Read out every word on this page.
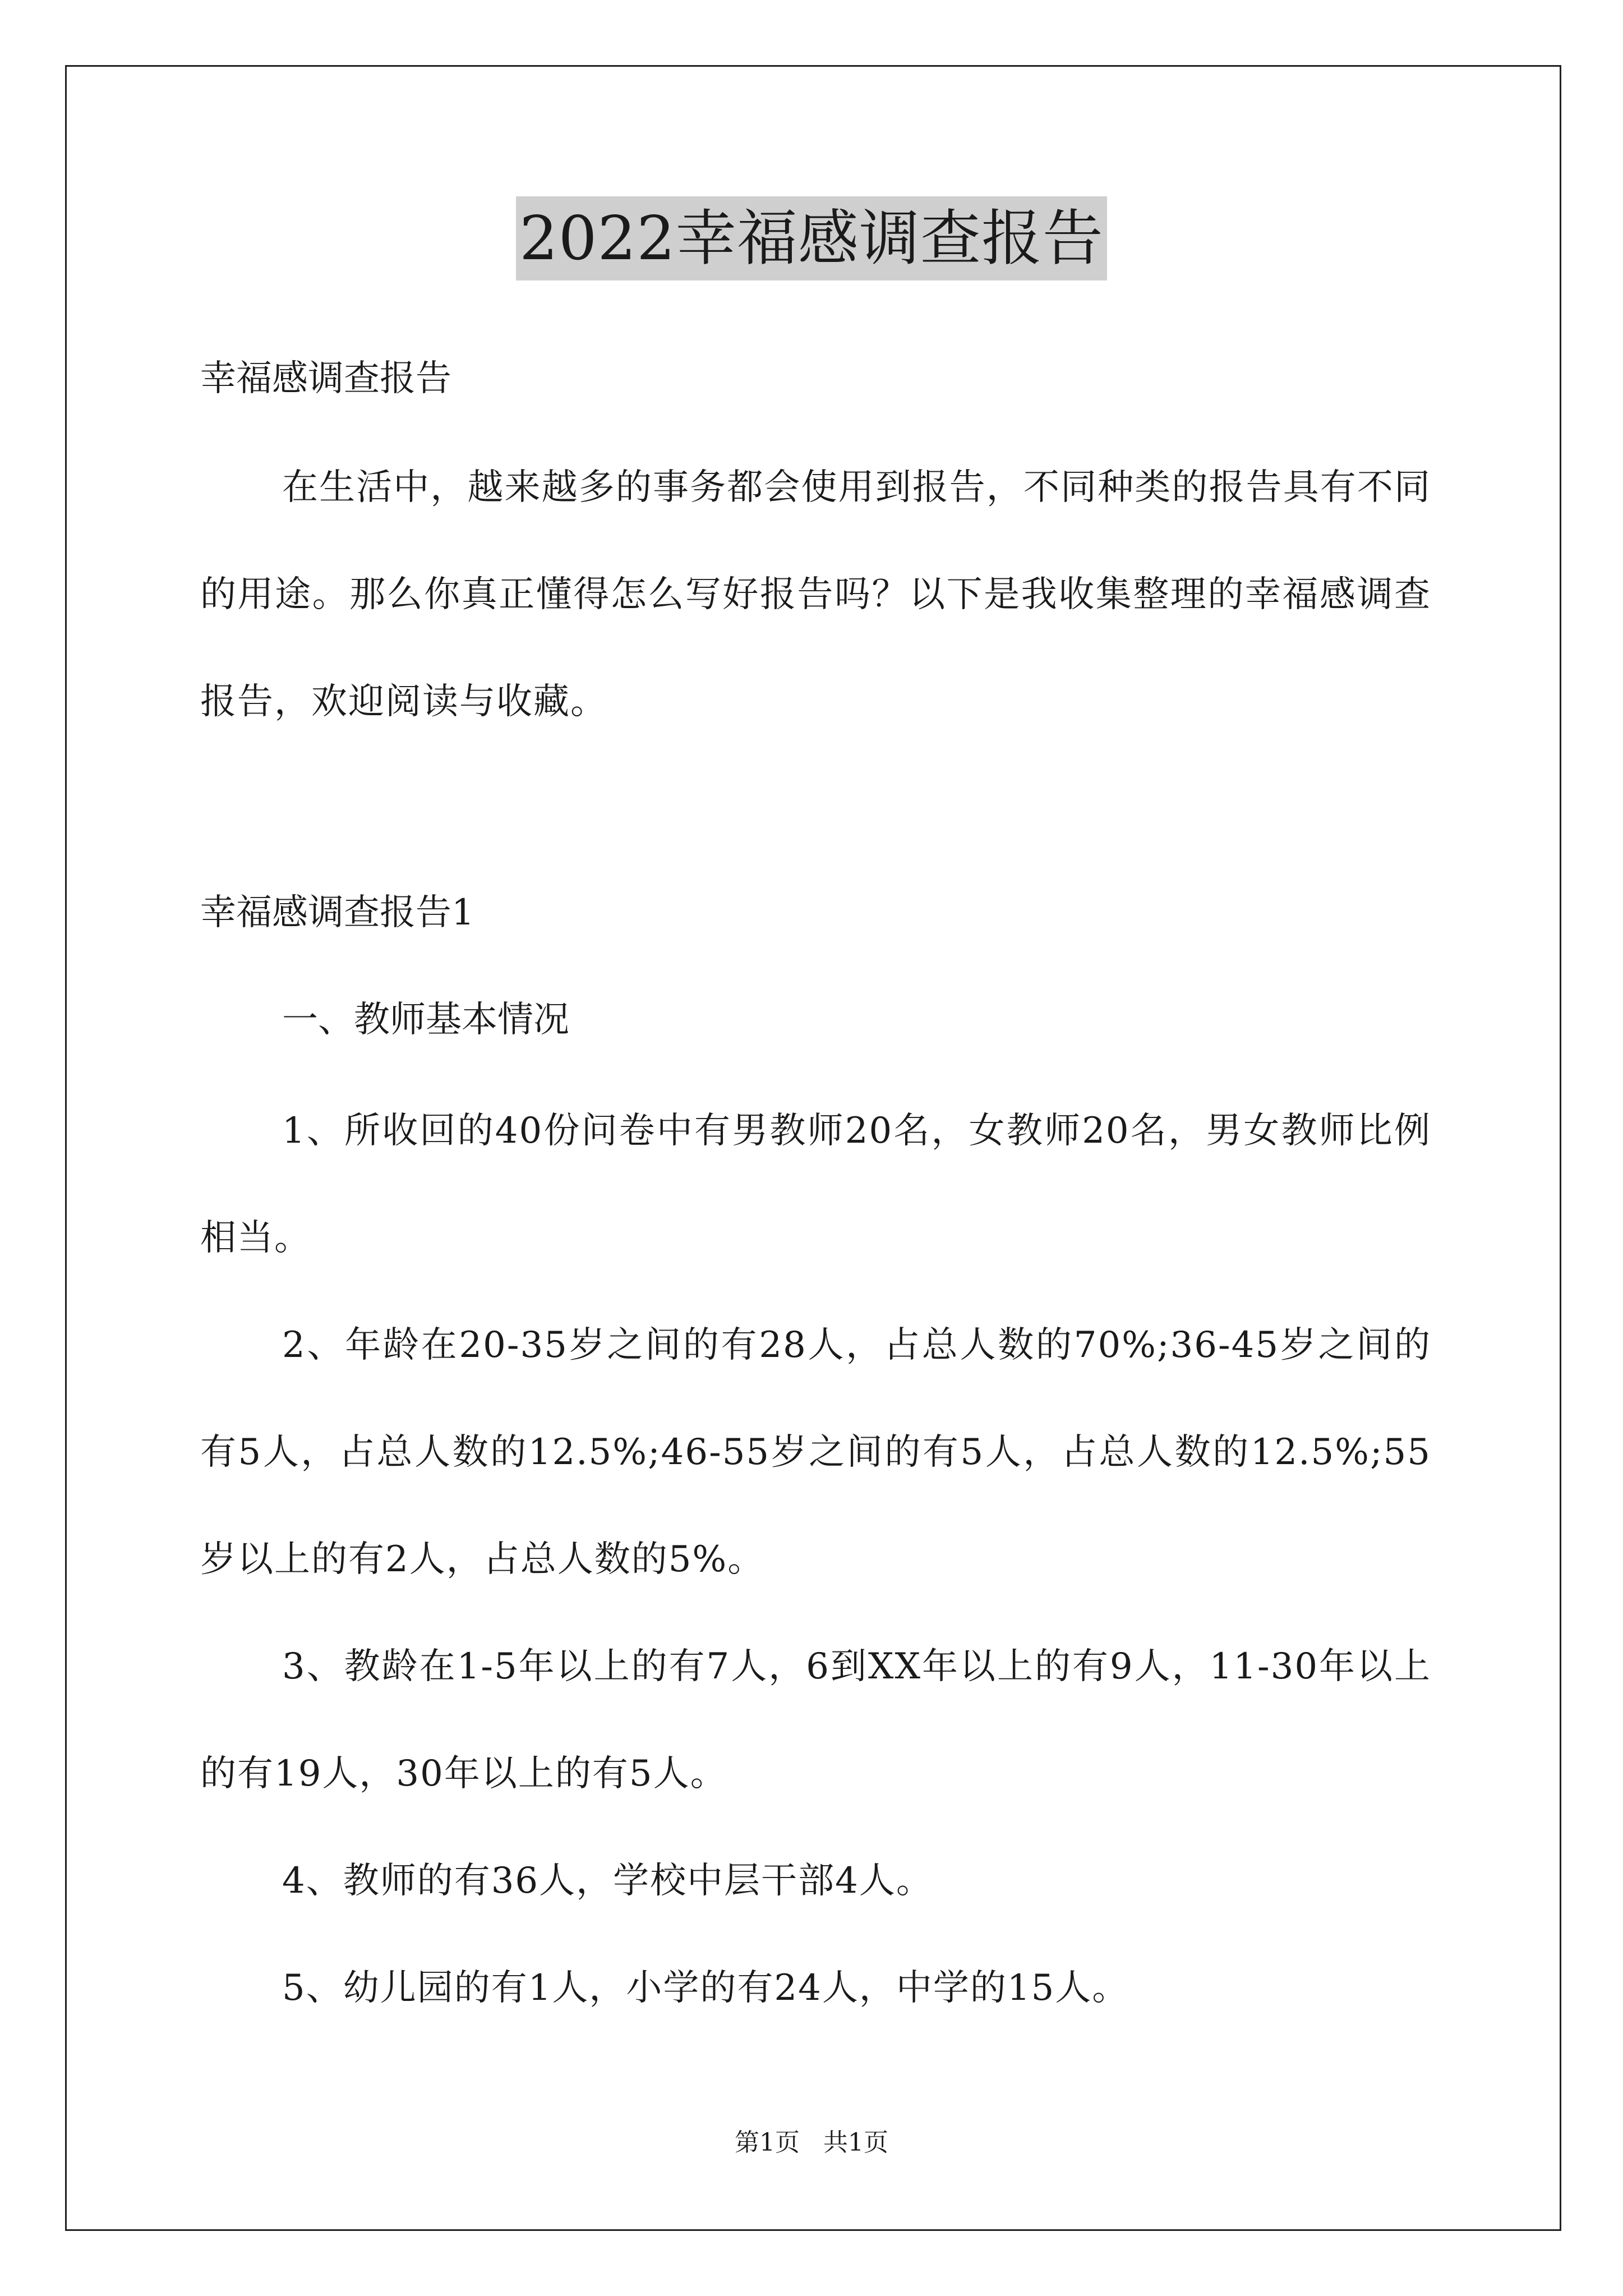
2022幸福感调查报告
幸福感调查报告
在生活中，越来越多的事务都会使用到报告，不同种类的报告具有不同的用途。那么你真正懂得怎么写好报告吗？以下是我收集整理的幸福感调查报告，欢迎阅读与收藏。
幸福感调查报告1
一、教师基本情况
1、所收回的40份问卷中有男教师20名，女教师20名，男女教师比例相当。
2、年龄在20-35岁之间的有28人，占总人数的70%;36-45岁之间的有5人，占总人数的12.5%;46-55岁之间的有5人，占总人数的12.5%;55岁以上的有2人，占总人数的5%。
3、教龄在1-5年以上的有7人，6到XX年以上的有9人，11-30年以上的有19人，30年以上的有5人。
4、教师的有36人，学校中层干部4人。
5、幼儿园的有1人，小学的有24人，中学的15人。
第1页   共1页
